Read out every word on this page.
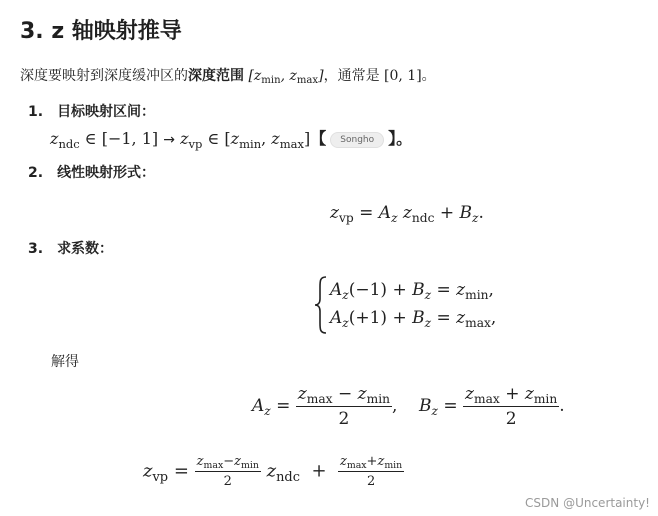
3. z 轴映射推导
深度要映射到深度缓冲区的深度范围 [$z_{min}$, $z_{max}$]，通常是 [0, 1]。
1. 目标映射区间：
$z_{ndc}$ ∈ [−1, $1] \to z_{vp}$ ∈ [$z_{min}$, $z_{max}$]【 Songho 】。
2. 线性映射形式：
$z_{vp} = A_z$ $z_{ndc} + B_z$.
3. 求系数：
$A_z(-1) + B_z = z_{min}$,
$A_z(+1) + B_z = z_{max}$,
解得
$A_z = \frac{z_{max} - z_{min}}{2}$ ,    $B_z = \frac{z_{max} + z_{min}}{2}$ .
$z_{vp} = \frac{z_{max}-z_{min}}{2} z_{ndc} + \frac{z_{max}+z_{min}}{2}$
CSDN @Uncertainty!
